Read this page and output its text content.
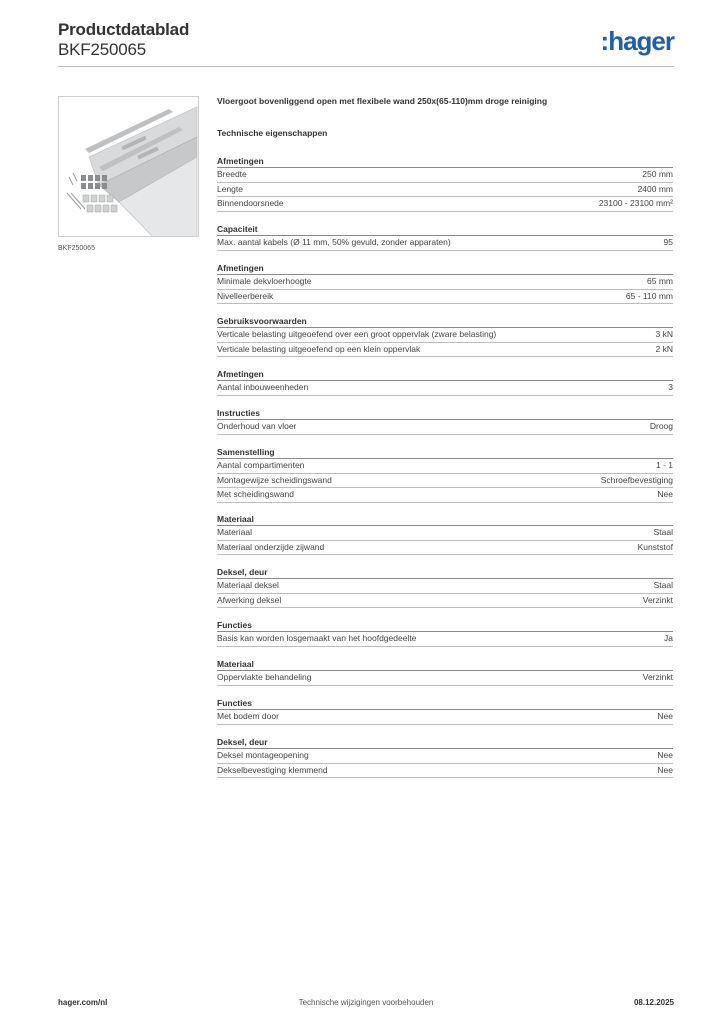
Productdatablad
BKF250065	:hager
BKF250065
Vloergoot bovenliggend open met flexibele wand 250x(65-110)mm droge reiniging
Technische eigenschappen
Afmetingen
Breedte	250 mm
Lengte	2400 mm
Binnendoorsnede	23100 - 23100 mm²
Capaciteit
Max. aantal kabels (Ø 11 mm, 50% gevuld, zonder apparaten)	95
Afmetingen
Minimale dekvloerhoogte	65 mm
Nivelleerbereik	65 - 110 mm
Gebruiksvoorwaarden
Verticale belasting uitgeoefend over een groot oppervlak (zware belasting)	3 kN
Verticale belasting uitgeoefend op een klein oppervlak	2 kN
Afmetingen
Aantal inbouweenheden	3
Instructies
Onderhoud van vloer	Droog
Samenstelling
Aantal compartimenten	1 - 1
Montagewijze scheidingswand	Schroefbevestiging
Met scheidingswand	Nee
Materiaal
Materiaal	Staal
Materiaal onderzijde zijwand	Kunststof
Deksel, deur
Materiaal deksel	Staal
Afwerking deksel	Verzinkt
Functies
Basis kan worden losgemaakt van het hoofdgedeelte	Ja
Materiaal
Oppervlakte behandeling	Verzinkt
Functies
Met bodem door	Nee
Deksel, deur
Deksel montageopening	Nee
Dekselbevestiging klemmend	Nee
hager.com/nl	Technische wijzigingen voorbehouden	08.12.2025
